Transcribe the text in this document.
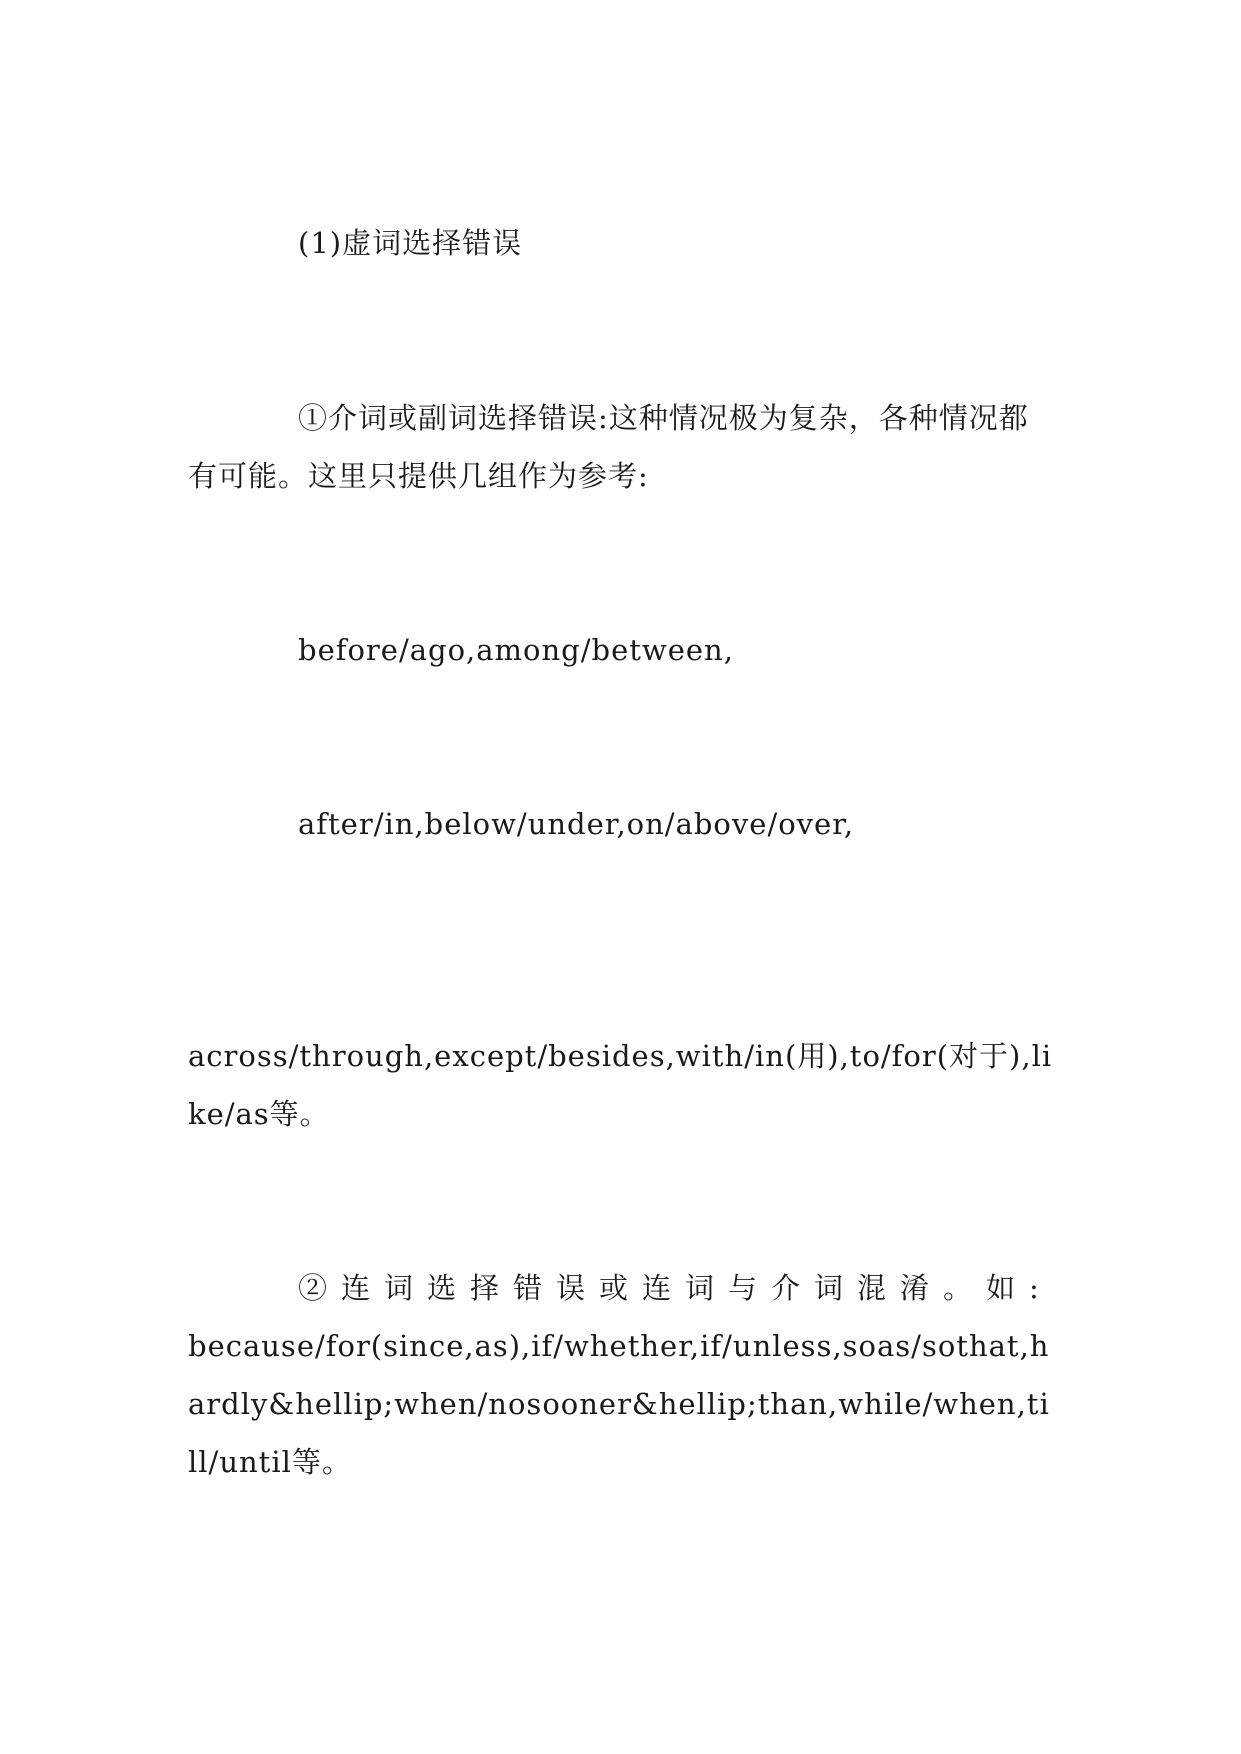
(1)虚词选择错误

①介词或副词选择错误:这种情况极为复杂，各种情况都有可能。这里只提供几组作为参考:

before/ago,among/between,

after/in,below/under,on/above/over,

across/through,except/besides,with/in(用),to/for(对于),like/as等。

②连词选择错误或连词与介词混淆。如:because/for(since,as),if/whether,if/unless,soas/sothat,hardly&hellip;when/nosooner&hellip;than,while/when,till/until等。
